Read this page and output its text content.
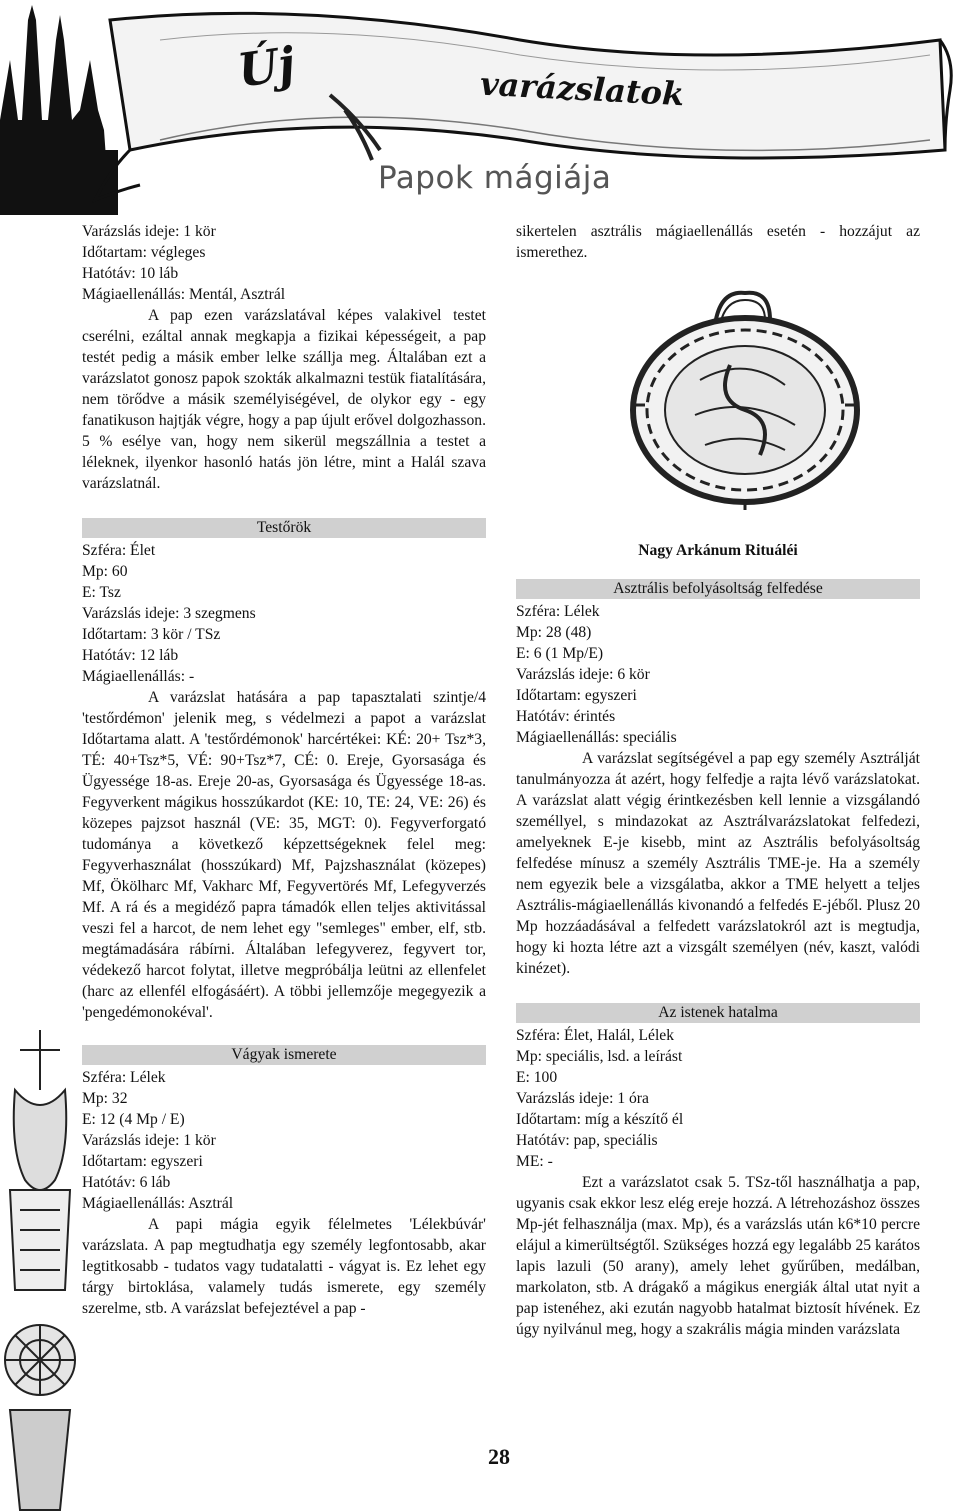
Új	varázslatok
Papok mágiája
Varázslás ideje: 1 kör
Időtartam: végleges
Hatótáv: 10 láb
Mágiaellenállás: Mentál, Asztrál
A pap ezen varázslatával képes valakivel testet cserélni, ezáltal annak megkapja a fizikai képességeit, a pap testét pedig a másik ember lelke szállja meg. Általában ezt a varázslatot gonosz papok szokták alkalmazni testük fiatalítására, nem törődve a másik személyiségével, de olykor egy - egy fanatikuson hajtják végre, hogy a pap újult erővel dolgozhasson. 5 % esélye van, hogy nem sikerül megszállnia a testet a léleknek, ilyenkor hasonló hatás jön létre, mint a Halál szava varázslatnál.
Testőrök
Szféra: Élet
Mp: 60
E: Tsz
Varázslás ideje: 3 szegmens
Időtartam: 3 kör / TSz
Hatótáv: 12 láb
Mágiaellenállás: -
A varázslat hatására a pap tapasztalati szintje/4 'testőrdémon' jelenik meg, s védelmezi a papot a varázslat Időtartama alatt. A 'testőrdémonok' harcértékei: KÉ: 20+ Tsz*3, TÉ: 40+Tsz*5, VÉ: 90+Tsz*7, CÉ: 0. Ereje, Gyorsasága és Ügyessége 18-as. Ereje 20-as, Gyorsasága és Ügyessége 18-as. Fegyverkent mágikus hosszúkardot (KE: 10, TE: 24, VE: 26) és közepes pajzsot használ (VE: 35, MGT: 0). Fegyverforgató tudománya a következő képzettségeknek felel meg: Fegyverhasználat (hosszúkard) Mf, Pajzshasználat (közepes) Mf, Ökölharc Mf, Vakharc Mf, Fegyvertörés Mf, Lefegyverzés Mf. A rá és a megidéző papra támadók ellen teljes aktivitással veszi fel a harcot, de nem lehet egy "semleges" ember, elf, stb. megtámadására rábírni. Általában lefegyverez, fegyvert tor, védekező harcot folytat, illetve megpróbálja leütni az ellenfelet (harc az ellenfél elfogásáért). A többi jellemzője megegyezik a 'pengedémonokéval'.
Vágyak ismerete
Szféra: Lélek
Mp: 32
E: 12 (4 Mp / E)
Varázslás ideje: 1 kör
Időtartam: egyszeri
Hatótáv: 6 láb
Mágiaellenállás: Asztrál
A papi mágia egyik félelmetes 'Lélekbúvár' varázslata. A pap megtudhatja egy személy legfontosabb, akar legtitkosabb - tudatos vagy tudatalatti - vágyat is. Ez lehet egy tárgy birtoklása, valamely tudás ismerete, egy személy szerelme, stb. A varázslat befejeztével a pap -
sikertelen asztrális mágiaellenállás esetén - hozzájut az ismerethez.
Nagy Arkánum Rituáléi
Asztrális befolyásoltság felfedése
Szféra: Lélek
Mp: 28 (48)
E: 6 (1 Mp/E)
Varázslás ideje: 6 kör
Időtartam: egyszeri
Hatótáv: érintés
Mágiaellenállás: speciális
A varázslat segítségével a pap egy személy Asztrálját tanulmányozza át azért, hogy felfedje a rajta lévő varázslatokat. A varázslat alatt végig érintkezésben kell lennie a vizsgálandó személlyel, s mindazokat az Asztrálvarázslatokat felfedezi, amelyeknek E-je kisebb, mint az Asztrális befolyásoltság felfedése mínusz a személy Asztrális TME-je. Ha a személy nem egyezik bele a vizsgálatba, akkor a TME helyett a teljes Asztrális-mágiaellenállás kivonandó a felfedés E-jéből. Plusz 20 Mp hozzáadásával a felfedett varázslatokról azt is megtudja, hogy ki hozta létre azt a vizsgált személyen (név, kaszt, valódi kinézet).
Az istenek hatalma
Szféra: Élet, Halál, Lélek
Mp: speciális, lsd. a leírást
E: 100
Varázslás ideje: 1 óra
Időtartam: míg a készítő él
Hatótáv: pap, speciális
ME: -
Ezt a varázslatot csak 5. TSz-től használhatja a pap, ugyanis csak ekkor lesz elég ereje hozzá. A létrehozáshoz összes Mp-jét felhasználja (max. Mp), és a varázslás után k6*10 percre elájul a kimerültségtől. Szükséges hozzá egy legalább 25 karátos lapis lazuli (50 arany), amely lehet gyűrűben, medálban, markolaton, stb. A drágakő a mágikus energiák által utat nyit a pap istenéhez, aki ezután nagyobb hatalmat biztosít hívének. Ez úgy nyilvánul meg, hogy a szakrális mágia minden varázslata
28
